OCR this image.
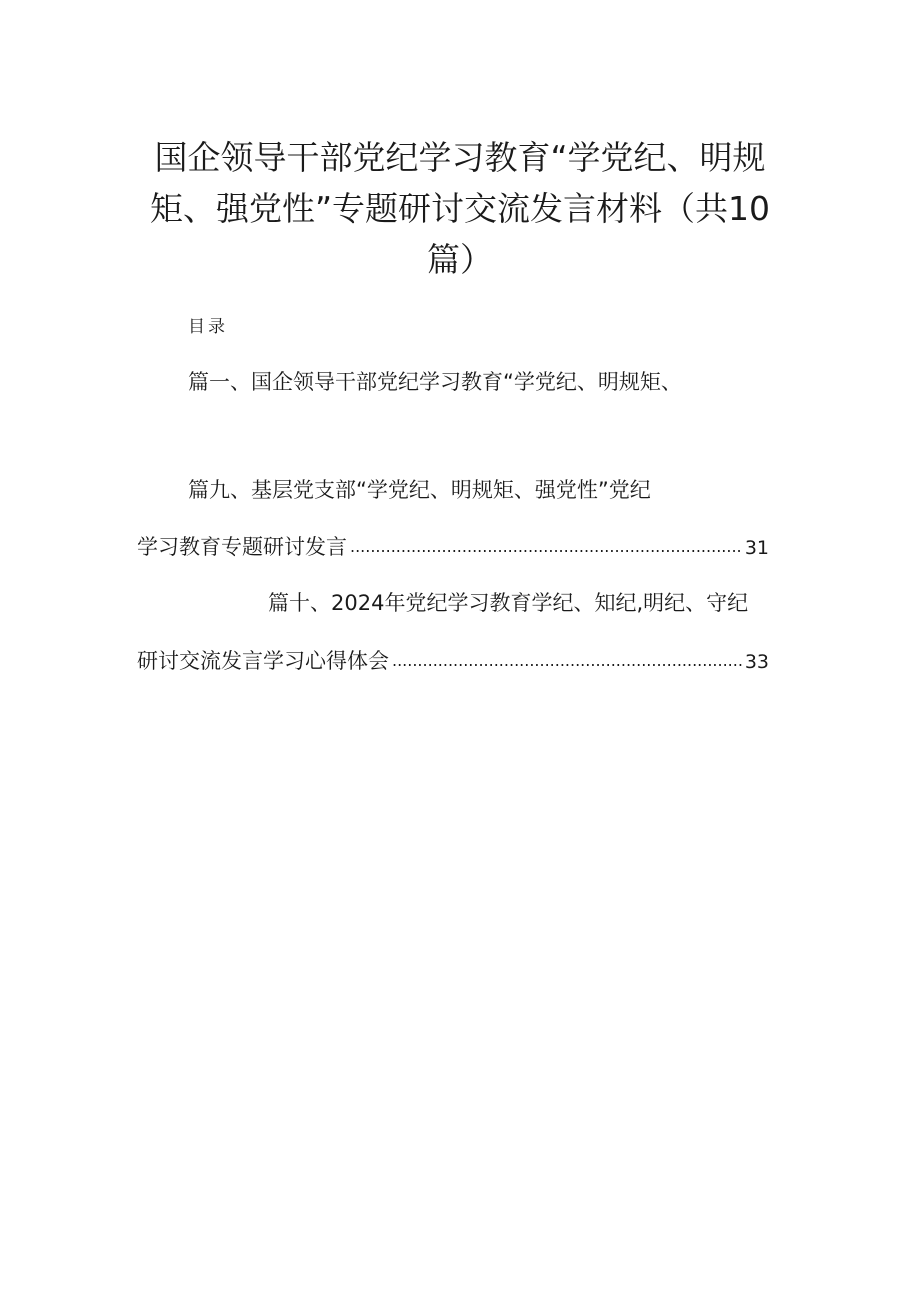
国企领导干部党纪学习教育“学党纪、明规矩、强党性”专题研讨交流发言材料（共10篇）

目录

篇一、国企领导干部党纪学习教育“学党纪、明规矩、

篇九、基层党支部“学党纪、明规矩、强党性”党纪

学习教育专题研讨发言 .....	31

篇十、2024年党纪学习教育学纪、知纪,明纪、守纪

研讨交流发言学习心得体会 .....	33
